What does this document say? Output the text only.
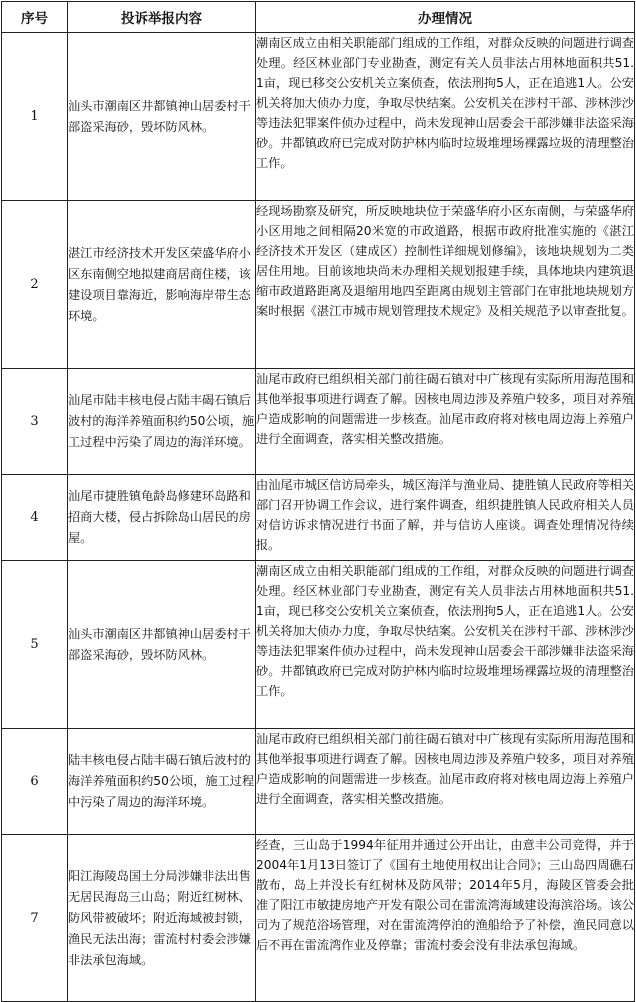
序号	投诉举报内容	办理情况
1	汕头市潮南区井都镇神山居委村干部盗采海砂，毁坏防风林。	潮南区成立由相关职能部门组成的工作组，对群众反映的问题进行调查处理。经区林业部门专业勘查，测定有关人员非法占用林地面积共51.1亩，现已移交公安机关立案侦查，依法刑拘5人，正在追逃1人。公安机关将加大侦办力度，争取尽快结案。公安机关在涉村干部、涉林涉沙等违法犯罪案件侦办过程中，尚未发现神山居委会干部涉嫌非法盗采海砂。井都镇政府已完成对防护林内临时垃圾堆埋场裸露垃圾的清理整治工作。

2	湛江市经济技术开发区荣盛华府小区东南侧空地拟建商居商住楼，该建设项目靠海近，影响海岸带生态环境。	经现场勘察及研究，所反映地块位于荣盛华府小区东南侧，与荣盛华府小区用地之间相隔20米宽的市政道路，根据市政府批准实施的《湛江经济技术开发区（建成区）控制性详细规划修编》，该地块规划为二类居住用地。目前该地块尚未办理相关规划报建手续，具体地块内建筑退缩市政道路距离及退缩用地四至距离由规划主管部门在审批地块规划方案时根据《湛江市城市规划管理技术规定》及相关规范予以审查批复。

3	汕尾市陆丰核电侵占陆丰碣石镇后波村的海洋养殖面积约50公顷，施工过程中污染了周边的海洋环境。	汕尾市政府已组织相关部门前往碣石镇对中广核现有实际所用海范围和其他举报事项进行调查了解。因核电周边涉及养殖户较多，项目对养殖户造成影响的问题需进一步核查。汕尾市政府将对核电周边海上养殖户进行全面调查，落实相关整改措施。

4	汕尾市捷胜镇龟龄岛修建环岛路和招商大楼，侵占拆除岛山居民的房屋。	由汕尾市城区信访局牵头，城区海洋与渔业局、捷胜镇人民政府等相关部门召开协调工作会议，进行案件调查，组织捷胜镇人民政府相关人员对信访诉求情况进行书面了解，并与信访人座谈。调查处理情况待续报。

5	汕头市潮南区井都镇神山居委村干部盗采海砂，毁坏防风林。	潮南区成立由相关职能部门组成的工作组，对群众反映的问题进行调查处理。经区林业部门专业勘查，测定有关人员非法占用林地面积共51.1亩，现已移交公安机关立案侦查，依法刑拘5人，正在追逃1人。公安机关将加大侦办力度，争取尽快结案。公安机关在涉村干部、涉林涉沙等违法犯罪案件侦办过程中，尚未发现神山居委会干部涉嫌非法盗采海砂。井都镇政府已完成对防护林内临时垃圾堆埋场裸露垃圾的清理整治工作。

6	陆丰核电侵占陆丰碣石镇后波村的海洋养殖面积约50公顷，施工过程中污染了周边的海洋环境。	汕尾市政府已组织相关部门前往碣石镇对中广核现有实际所用海范围和其他举报事项进行调查了解。因核电周边涉及养殖户较多，项目对养殖户造成影响的问题需进一步核查。汕尾市政府将对核电周边海上养殖户进行全面调查，落实相关整改措施。

7	阳江海陵岛国土分局涉嫌非法出售无居民海岛三山岛；附近红树林、防风带被破坏；附近海域被封锁，渔民无法出海；雷流村村委会涉嫌非法承包海域。	经查，三山岛于1994年征用并通过公开出让，由意丰公司竞得，并于2004年1月13日签订了《国有土地使用权出让合同》；三山岛四周礁石散布，岛上并没长有红树林及防风带；2014年5月，海陵区管委会批准了阳江市敏捷房地产开发有限公司在雷流湾海域建设海滨浴场。该公司为了规范浴场管理，对在雷流湾停泊的渔船给予了补偿，渔民同意以后不再在雷流湾作业及停靠；雷流村委会没有非法承包海域。
